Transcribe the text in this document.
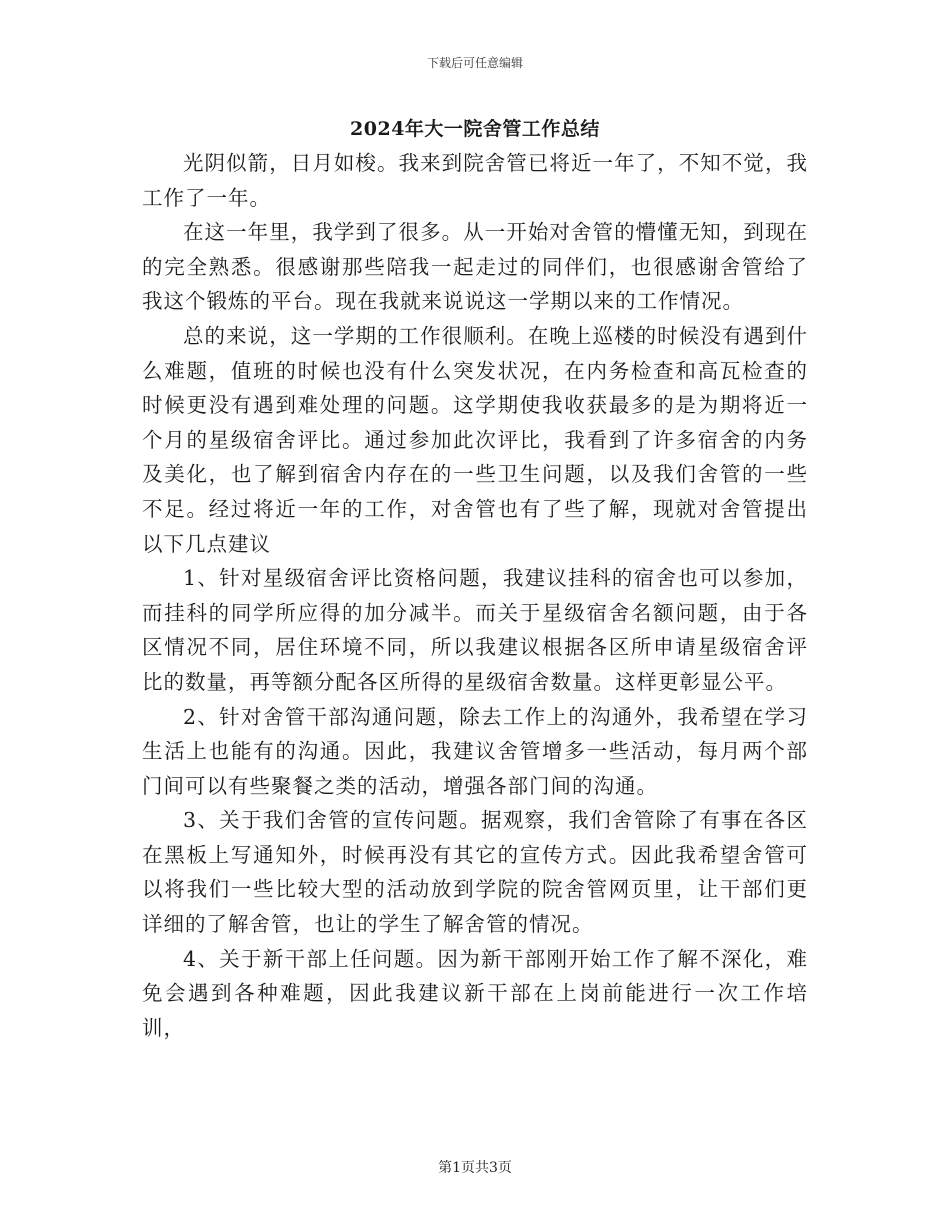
下载后可任意编辑
2024年大一院舍管工作总结

光阴似箭，日月如梭。我来到院舍管已将近一年了，不知不觉，我工作了一年。

在这一年里，我学到了很多。从一开始对舍管的懵懂无知，到现在的完全熟悉。很感谢那些陪我一起走过的同伴们，也很感谢舍管给了我这个锻炼的平台。现在我就来说说这一学期以来的工作情况。

总的来说，这一学期的工作很顺利。在晚上巡楼的时候没有遇到什么难题，值班的时候也没有什么突发状况，在内务检查和高瓦检查的时候更没有遇到难处理的问题。这学期使我收获最多的是为期将近一个月的星级宿舍评比。通过参加此次评比，我看到了许多宿舍的内务及美化，也了解到宿舍内存在的一些卫生问题，以及我们舍管的一些不足。经过将近一年的工作，对舍管也有了些了解，现就对舍管提出以下几点建议

1、针对星级宿舍评比资格问题，我建议挂科的宿舍也可以参加，而挂科的同学所应得的加分减半。而关于星级宿舍名额问题，由于各区情况不同，居住环境不同，所以我建议根据各区所申请星级宿舍评比的数量，再等额分配各区所得的星级宿舍数量。这样更彰显公平。

2、针对舍管干部沟通问题，除去工作上的沟通外，我希望在学习生活上也能有的沟通。因此，我建议舍管增多一些活动，每月两个部门间可以有些聚餐之类的活动，增强各部门间的沟通。

3、关于我们舍管的宣传问题。据观察，我们舍管除了有事在各区在黑板上写通知外，时候再没有其它的宣传方式。因此我希望舍管可以将我们一些比较大型的活动放到学院的院舍管网页里，让干部们更详细的了解舍管，也让的学生了解舍管的情况。

4、关于新干部上任问题。因为新干部刚开始工作了解不深化，难免会遇到各种难题，因此我建议新干部在上岗前能进行一次工作培训，

第1页共3页
